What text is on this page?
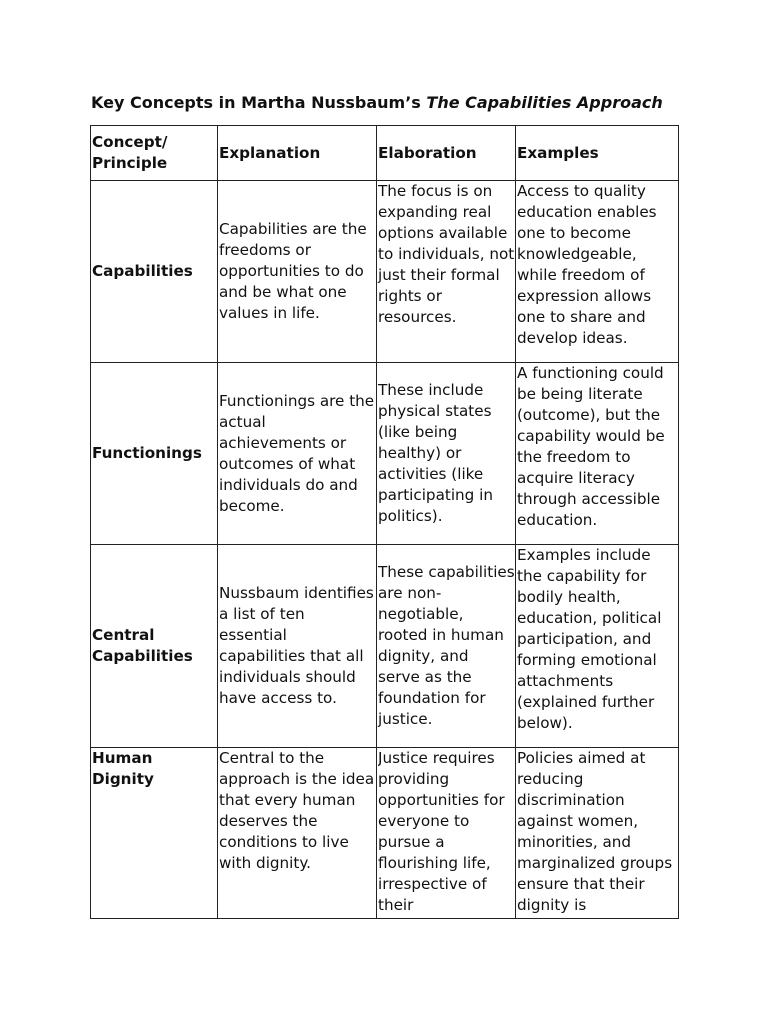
Key Concepts in Martha Nussbaum’s The Capabilities Approach
Concept/ Principle	Explanation	Elaboration	Examples
Capabilities	Capabilities are the freedoms or opportunities to do and be what one values in life.	The focus is on expanding real options available to individuals, not just their formal rights or resources.	Access to quality education enables one to become knowledgeable, while freedom of expression allows one to share and develop ideas.
Functionings	Functionings are the actual achievements or outcomes of what individuals do and become.	These include physical states (like being healthy) or activities (like participating in politics).	A functioning could be being literate (outcome), but the capability would be the freedom to acquire literacy through accessible education.
Central Capabilities	Nussbaum identifies a list of ten essential capabilities that all individuals should have access to.	These capabilities are non-negotiable, rooted in human dignity, and serve as the foundation for justice.	Examples include the capability for bodily health, education, political participation, and forming emotional attachments (explained further below).

Human Dignity	Central to the approach is the idea that every human deserves the conditions to live with dignity.	Justice requires providing opportunities for everyone to pursue a flourishing life, irrespective of their	Policies aimed at reducing discrimination against women, minorities, and marginalized groups ensure that their dignity is
